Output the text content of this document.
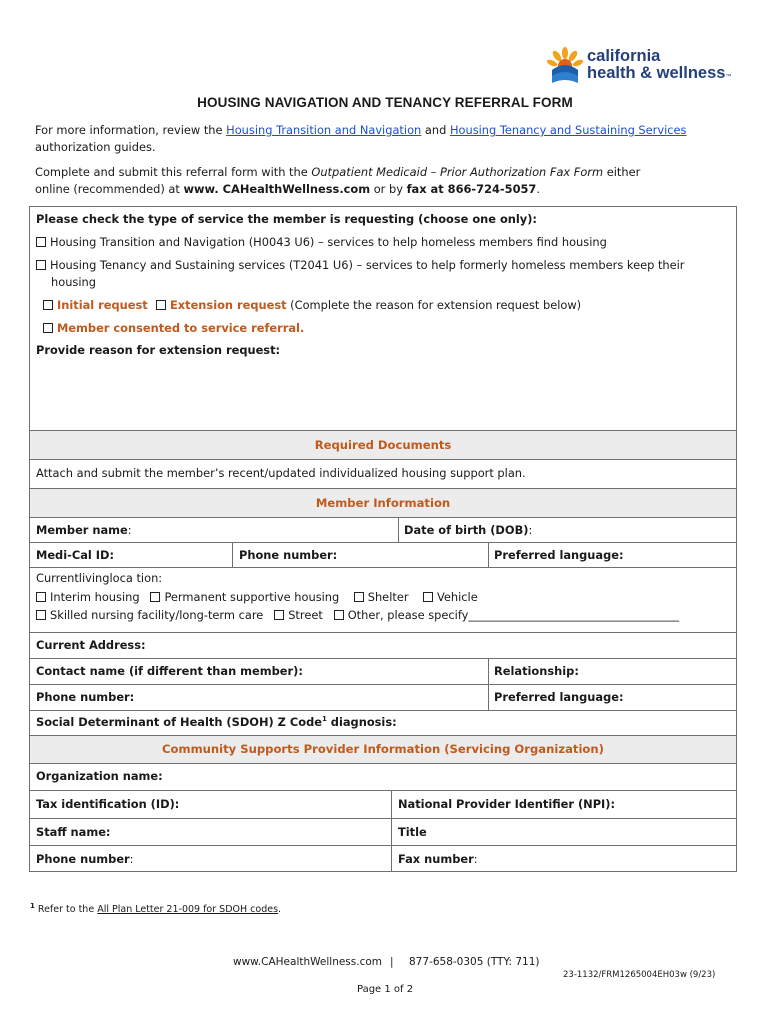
california
health & wellness™
HOUSING NAVIGATION AND TENANCY REFERRAL FORM
For more information, review the Housing Transition and Navigation and Housing Tenancy and Sustaining Services
authorization guides.
Complete and submit this referral form with the Outpatient Medicaid – Prior Authorization Fax Form either
online (recommended) at www. CAHealthWellness.com or by fax at 866-724-5057.
Please check the type of service the member is requesting (choose one only):
Housing Transition and Navigation (H0043 U6) – services to help homeless members find housing
Housing Tenancy and Sustaining services (T2041 U6) – services to help formerly homeless members keep their
housing
Initial request	Extension request (Complete the reason for extension request below)
Member consented to service referral.
Provide reason for extension request:
Required Documents
Attach and submit the member’s recent/updated individualized housing support plan.
Member Information
Member name:	Date of birth (DOB):
Medi-Cal ID:	Phone number:	Preferred language:
Currentlivingloca tion:
Interim housing Permanent supportive housing Shelter Vehicle
Skilled nursing facility/long-term care Street Other, please specify_____________________________________
Current Address:
Contact name (if different than member):	Relationship:
Phone number:	Preferred language:
Social Determinant of Health (SDOH) Z Code$^1$ diagnosis:
Community Supports Provider Information (Servicing Organization)
Organization name:
Tax identification (ID):	National Provider Identifier (NPI):
Staff name:	Title
Phone number:	Fax number:
$^1$ Refer to the All Plan Letter 21-009 for SDOH codes.
www.CAHealthWellness.com | 877-658-0305 (TTY: 711)
23-1132/FRM1265004EH03w (9/23)
Page 1 of 2
